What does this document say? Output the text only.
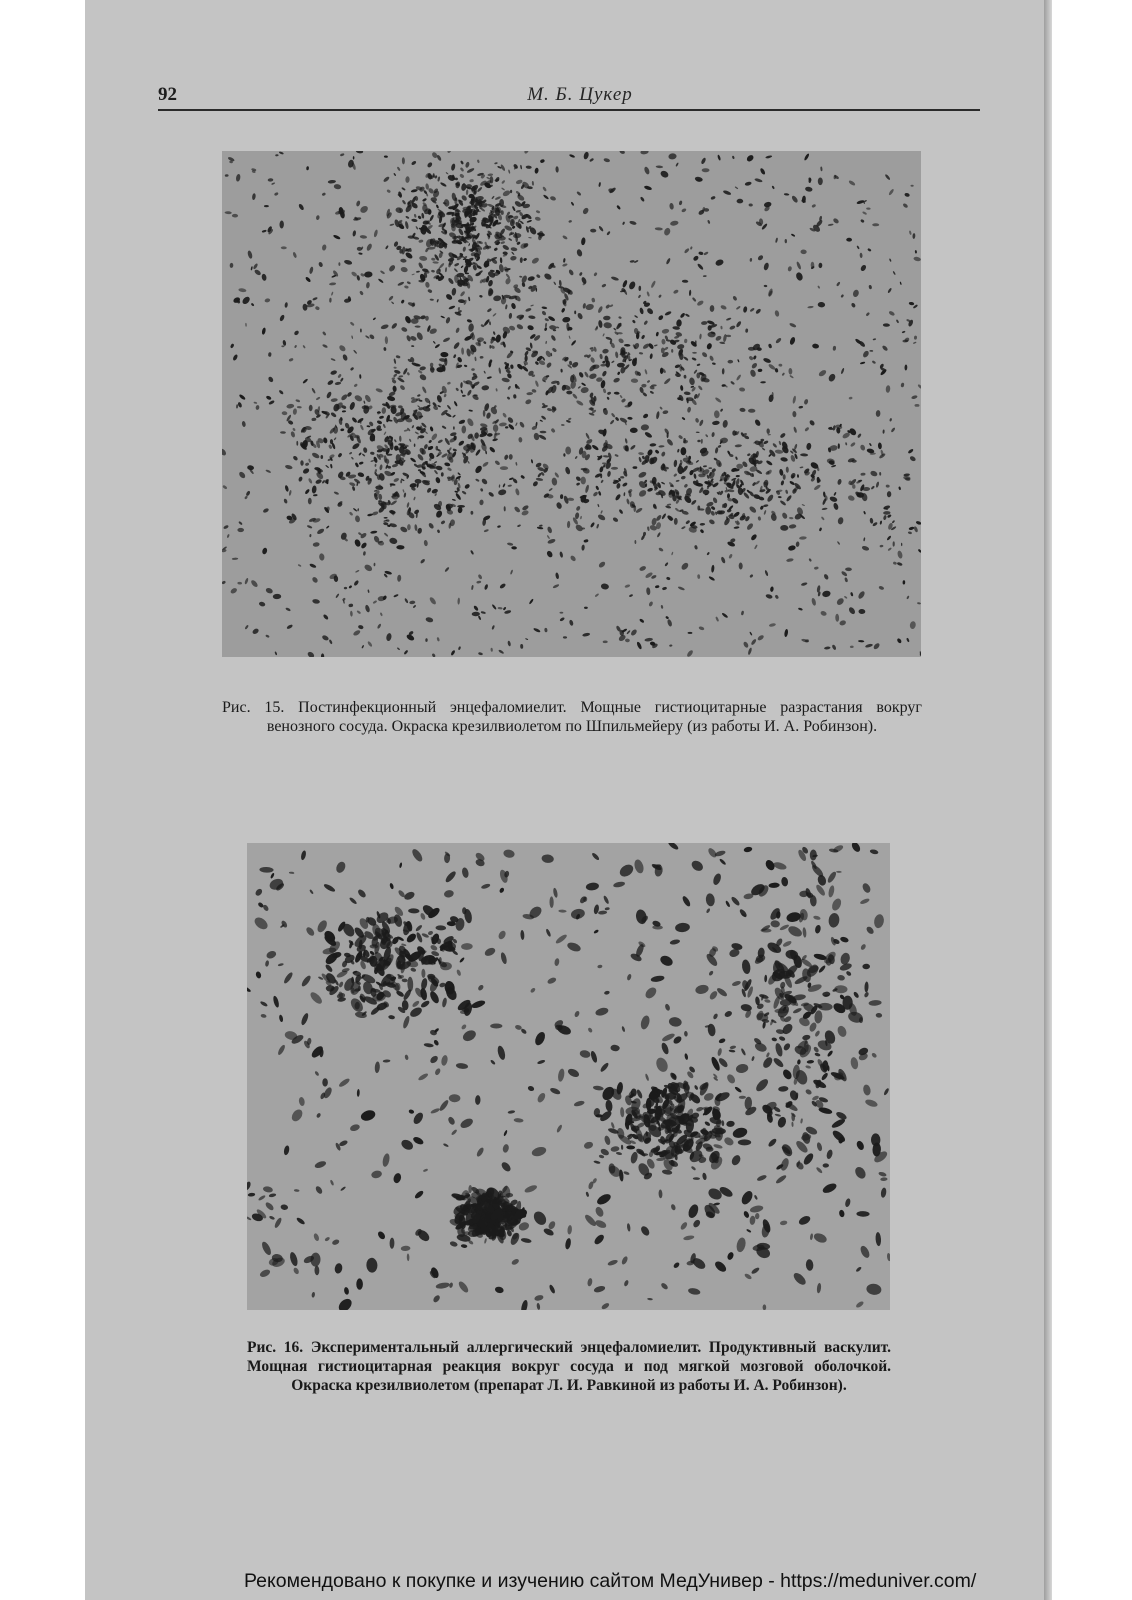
92	М. Б. Цукер
Рис. 15. Постинфекционный энцефаломиелит. Мощные гистиоцитарные разрастания вокруг венозного сосуда. Окраска крезилвиолетом по Шпильмейеру (из работы И. А. Робинзон).
Рис. 16. Экспериментальный аллергический энцефаломиелит. Продуктивный васкулит. Мощная гистиоцитарная реакция вокруг сосуда и под мягкой мозговой оболочкой. Окраска крезилвиолетом (препарат Л. И. Равкиной из работы И. А. Робинзон).
Рекомендовано к покупке и изучению сайтом МедУнивер - https://meduniver.com/
